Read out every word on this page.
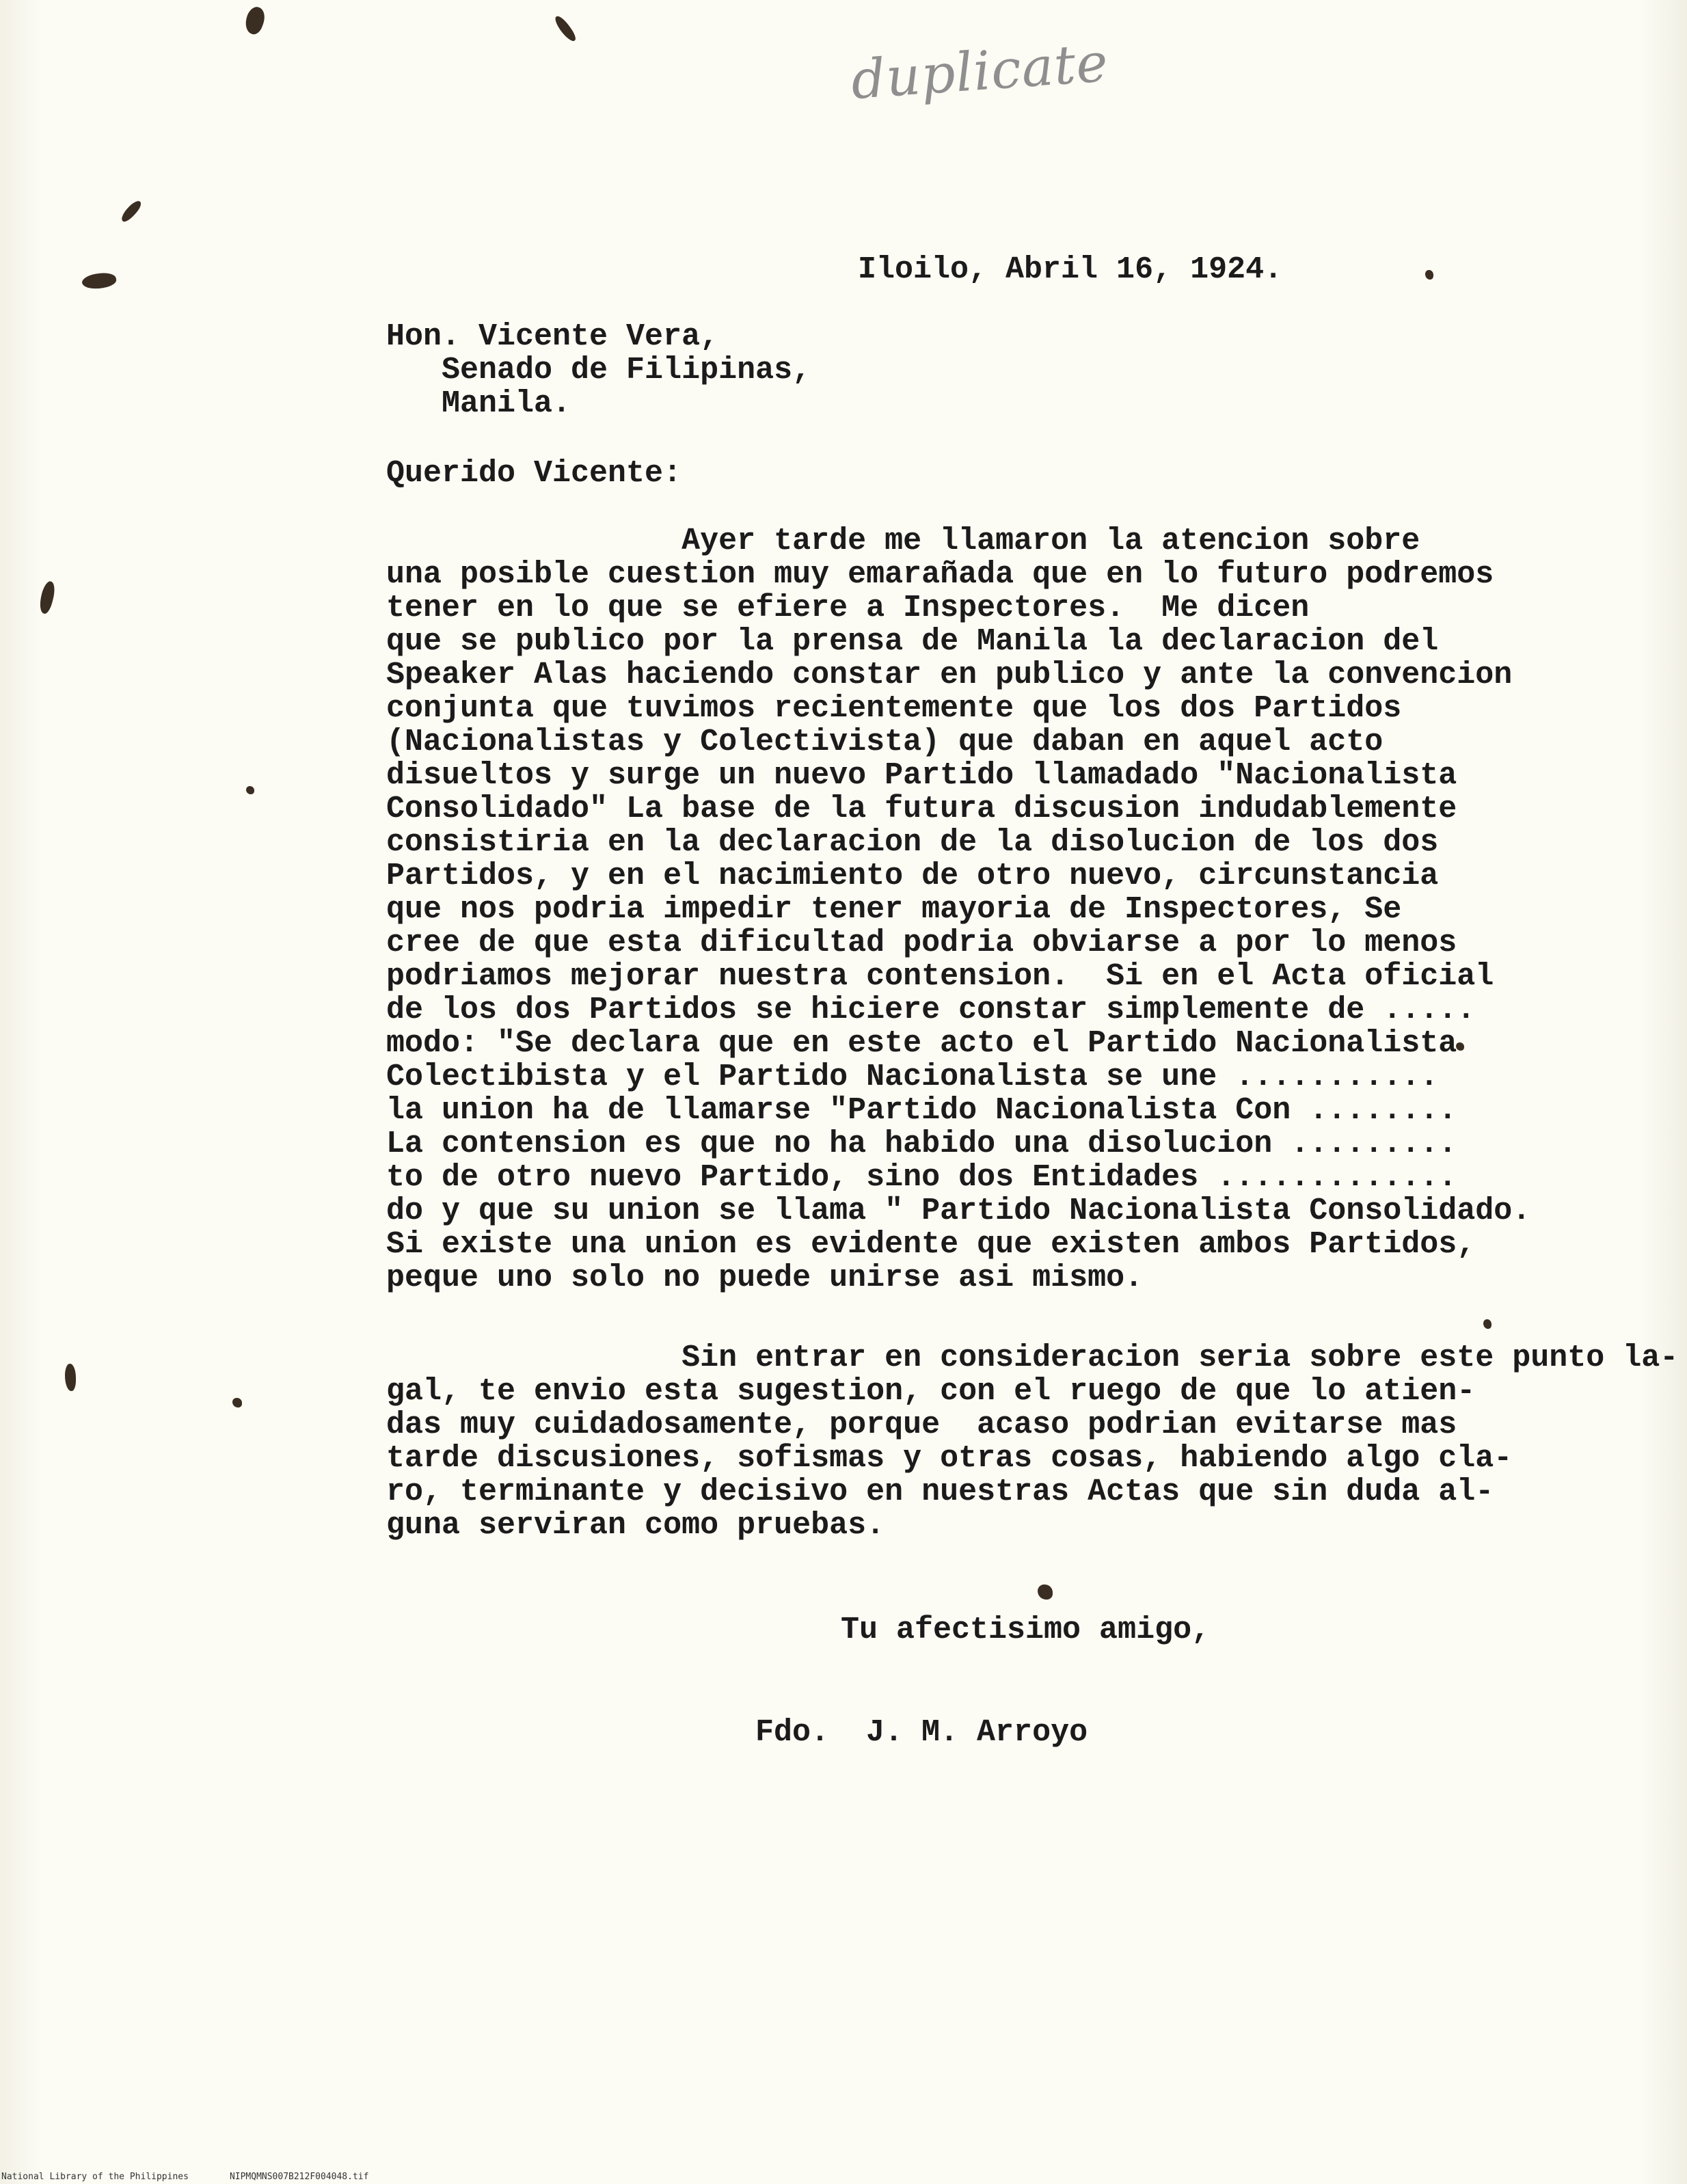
duplicate
Iloilo, Abril 16, 1924.
Hon. Vicente Vera,
Senado de Filipinas,
Manila.
Querido Vicente:
Ayer tarde me llamaron la atencion sobre
una posible cuestion muy emarañada que en lo futuro podremos
tener en lo que se efiere a Inspectores.  Me dicen
que se publico por la prensa de Manila la declaracion del
Speaker Alas haciendo constar en publico y ante la convencion
conjunta que tuvimos recientemente que los dos Partidos
(Nacionalistas y Colectivista) que daban en aquel acto
disueltos y surge un nuevo Partido llamadado "Nacionalista
Consolidado" La base de la futura discusion indudablemente
consistiria en la declaracion de la disolucion de los dos
Partidos, y en el nacimiento de otro nuevo, circunstancia
que nos podria impedir tener mayoria de Inspectores, Se
cree de que esta dificultad podria obviarse a por lo menos
podriamos mejorar nuestra contension.  Si en el Acta oficial
de los dos Partidos se hiciere constar simplemente de .....
modo: "Se declara que en este acto el Partido Nacionalista
Colectibista y el Partido Nacionalista se une ...........
la union ha de llamarse "Partido Nacionalista Con ........
La contension es que no ha habido una disolucion .........
to de otro nuevo Partido, sino dos Entidades .............
do y que su union se llama " Partido Nacionalista Consolidado.
Si existe una union es evidente que existen ambos Partidos,
peque uno solo no puede unirse asi mismo.
Sin entrar en consideracion seria sobre este punto la-
gal, te envio esta sugestion, con el ruego de que lo atien-
das muy cuidadosamente, porque  acaso podrian evitarse mas
tarde discusiones, sofismas y otras cosas, habiendo algo cla-
ro, terminante y decisivo en nuestras Actas que sin duda al-
guna serviran como pruebas.
Tu afectisimo amigo,
Fdo.  J. M. Arroyo
National Library of the Philippines	NIPMQMNS007B212F004048.tif
